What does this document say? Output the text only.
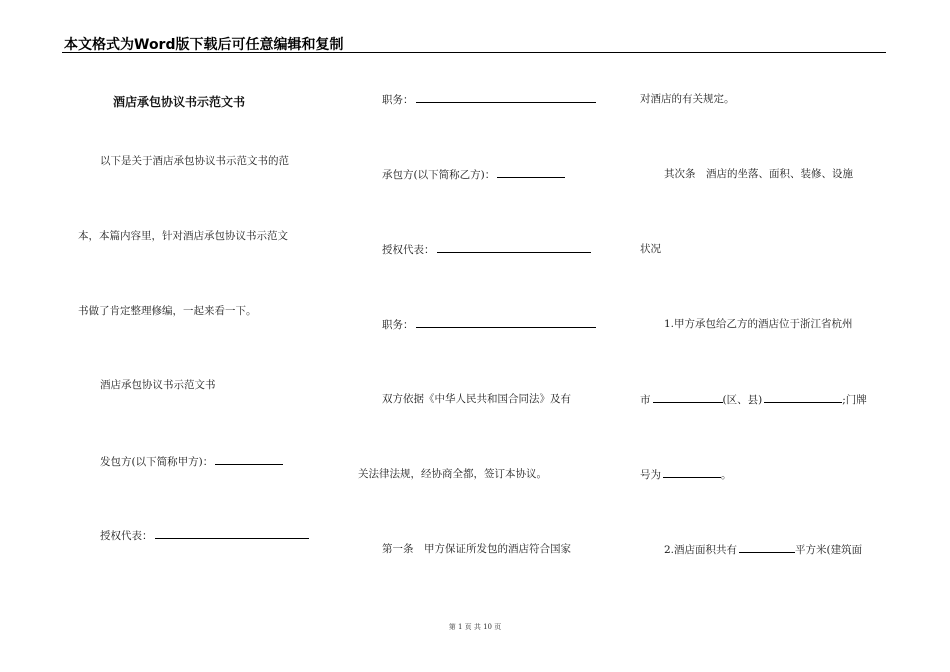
本文格式为Word版下载后可任意编辑和复制
酒店承包协议书示范文书
以下是关于酒店承包协议书示范文书的范
本，本篇内容里，针对酒店承包协议书示范文
书做了肯定整理修编，一起来看一下。
酒店承包协议书示范文书
发包方(以下简称甲方)：
授权代表：
职务：
承包方(以下简称乙方)：
授权代表：
职务：
双方依据《中华人民共和国合同法》及有
关法律法规，经协商全都，签订本协议。
第一条　甲方保证所发包的酒店符合国家
对酒店的有关规定。
其次条　酒店的坐落、面积、装修、设施
状况
1.甲方承包给乙方的酒店位于浙江省杭州
市	(区、县)	;门牌
号为	。
2.酒店面积共有	平方米(建筑面
第 1 页 共 10 页
